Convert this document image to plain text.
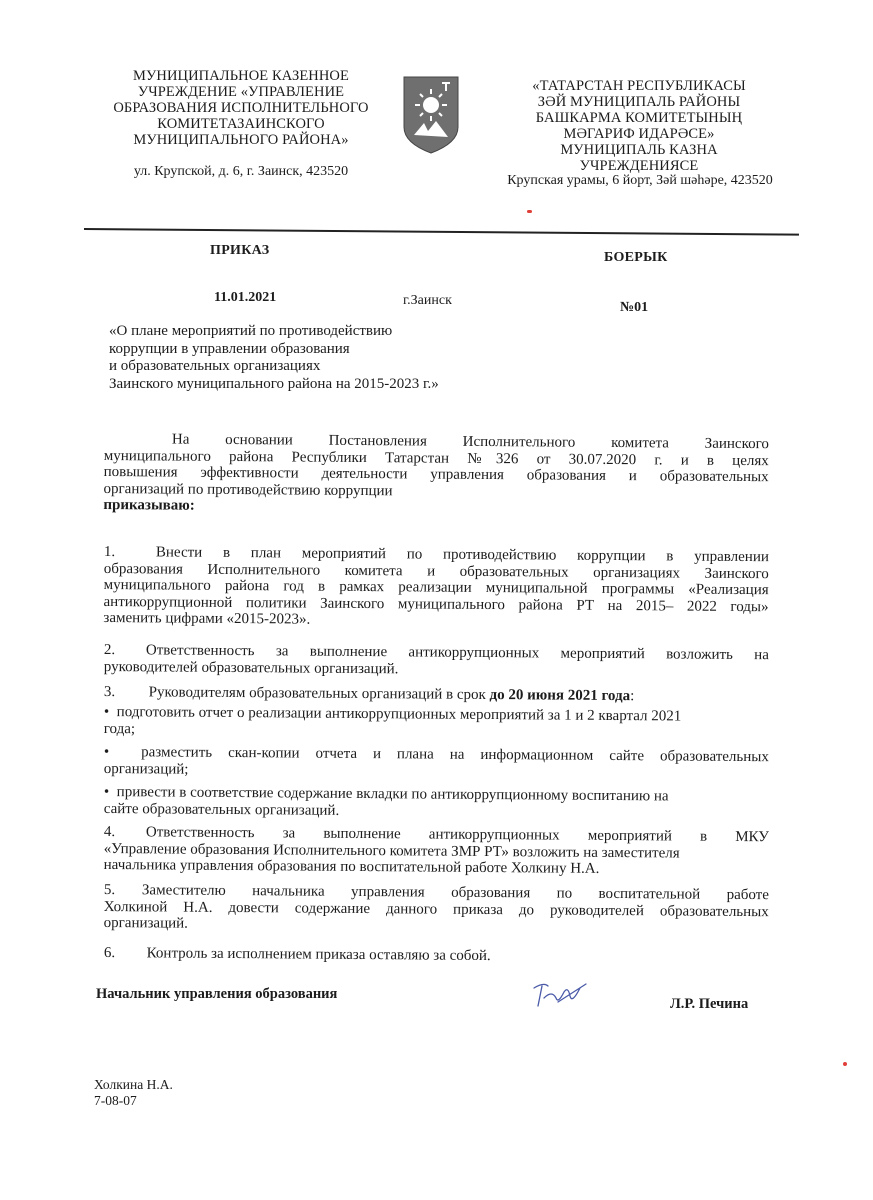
МУНИЦИПАЛЬНОЕ КАЗЕННОЕ
УЧРЕЖДЕНИЕ «УПРАВЛЕНИЕ
ОБРАЗОВАНИЯ ИСПОЛНИТЕЛЬНОГО
КОМИТЕТАЗАИНСКОГО
МУНИЦИПАЛЬНОГО РАЙОНА»
ул. Крупской, д. 6, г. Заинск, 423520
«ТАТАРСТАН РЕСПУБЛИКАСЫ
ЗӘЙ МУНИЦИПАЛЬ РАЙОНЫ
БАШКАРМА КОМИТЕТЫНЫҢ
МӘГАРИФ ИДАРӘСЕ»
МУНИЦИПАЛЬ КАЗНА
УЧРЕЖДЕНИЯСЕ
Крупская урамы, 6 йорт, Зәй шәһәре, 423520
ПРИКАЗ	БОЕРЫК
11.01.2021	г.Заинск	№01
«О плане мероприятий по противодействию
коррупции в управлении образования
и образовательных организациях
Заинского муниципального района на 2015-2023 г.»
На основании Постановления Исполнительного комитета Заинского
муниципального района Республики Татарстан №326 от 30.07.2020 г. и в целях
повышения эффективности деятельности управления образования и образовательных
организаций по противодействию коррупции
приказываю:
1.	Внести в план мероприятий по противодействию коррупции в управлении
образования Исполнительного комитета и образовательных организациях Заинского
муниципального района год в рамках реализации муниципальной программы «Реализация
антикоррупционной политики Заинского муниципального района РТ на 2015– 2022 годы»
заменить цифрами «2015-2023».
2.	Ответственность за выполнение антикоррупционных мероприятий возложить на
руководителей образовательных организаций.
3. Руководителям образовательных организаций в срок до 20 июня 2021 года:
•  подготовить отчет о реализации антикоррупционных мероприятий за 1 и 2 квартал 2021
года;
•  разместить скан-копии отчета и плана на информационном сайте образовательных
организаций;
•  привести в соответствие содержание вкладки по антикоррупционному воспитанию на
сайте образовательных организаций.
4.	Ответственность за выполнение антикоррупционных мероприятий в МКУ
«Управление образования Исполнительного комитета ЗМР РТ» возложить на заместителя
начальника управления образования по воспитательной работе Холкину Н.А.
5.	Заместителю начальника управления образования по воспитательной работе
Холкиной Н.А. довести содержание данного приказа до руководителей образовательных
организаций.
6. Контроль за исполнением приказа оставляю за собой.
Начальник управления образования
Л.Р. Печина
Холкина Н.А.
7-08-07
